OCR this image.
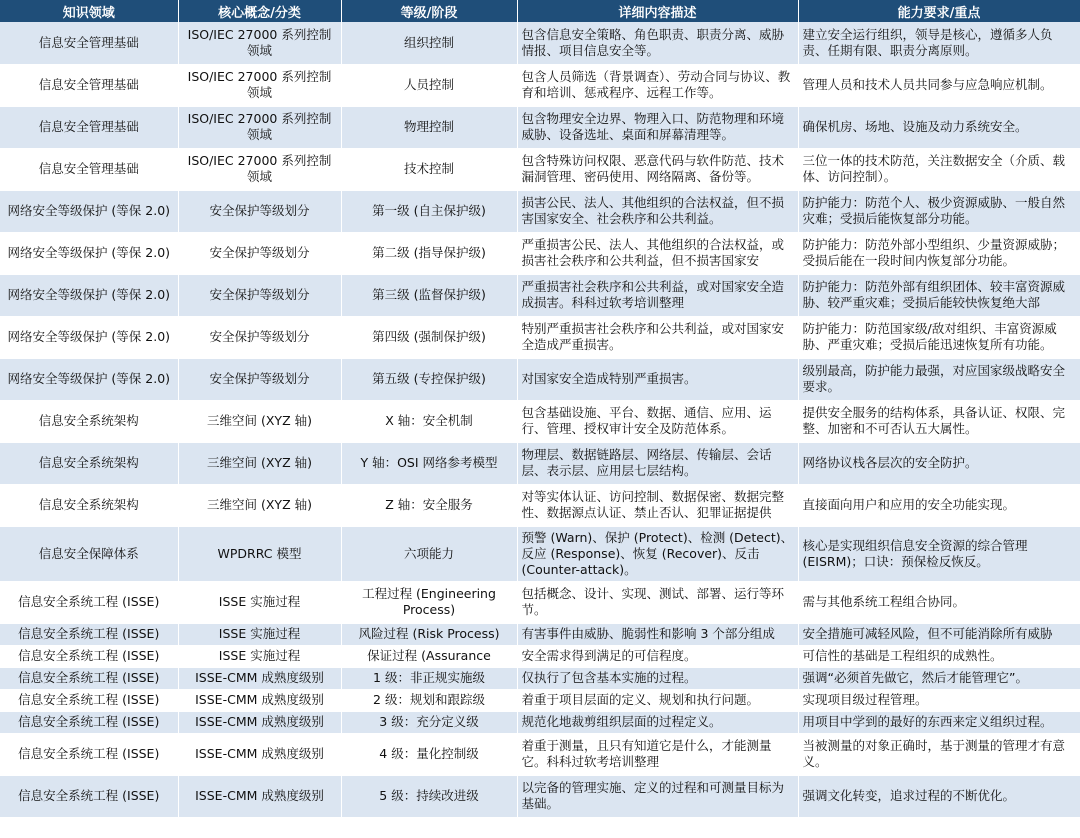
知识领域	核心概念/分类	等级/阶段	详细内容描述	能力要求/重点

信息安全管理基础	ISO/IEC 27000 系列控制领域	组织控制	包含信息安全策略、角色职责、职责分离、威胁情报、项目信息安全等。	建立安全运行组织，领导是核心，遵循多人负责、任期有限、职责分离原则。

信息安全管理基础	ISO/IEC 27000 系列控制领域	人员控制	包含人员筛选（背景调查）、劳动合同与协议、教育和培训、惩戒程序、远程工作等。	管理人员和技术人员共同参与应急响应机制。

信息安全管理基础	ISO/IEC 27000 系列控制领域	物理控制	包含物理安全边界、物理入口、防范物理和环境威胁、设备选址、桌面和屏幕清理等。	确保机房、场地、设施及动力系统安全。

信息安全管理基础	ISO/IEC 27000 系列控制领域	技术控制	包含特殊访问权限、恶意代码与软件防范、技术漏洞管理、密码使用、网络隔离、备份等。	三位一体的技术防范，关注数据安全（介质、载体、访问控制）。

网络安全等级保护 (等保 2.0)	安全保护等级划分	第一级 (自主保护级)	损害公民、法人、其他组织的合法权益，但不损害国家安全、社会秩序和公共利益。	防护能力：防范个人、极少资源威胁、一般自然灾难；受损后能恢复部分功能。

网络安全等级保护 (等保 2.0)	安全保护等级划分	第二级 (指导保护级)	严重损害公民、法人、其他组织的合法权益，或损害社会秩序和公共利益，但不损害国家安	防护能力：防范外部小型组织、少量资源威胁；受损后能在一段时间内恢复部分功能。

网络安全等级保护 (等保 2.0)	安全保护等级划分	第三级 (监督保护级)	严重损害社会秩序和公共利益，或对国家安全造成损害。科科过软考培训整理	防护能力：防范外部有组织团体、较丰富资源威胁、较严重灾难；受损后能较快恢复绝大部

网络安全等级保护 (等保 2.0)	安全保护等级划分	第四级 (强制保护级)	特别严重损害社会秩序和公共利益，或对国家安全造成严重损害。	防护能力：防范国家级/敌对组织、丰富资源威胁、严重灾难；受损后能迅速恢复所有功能。

网络安全等级保护 (等保 2.0)	安全保护等级划分	第五级 (专控保护级)	对国家安全造成特别严重损害。	级别最高，防护能力最强，对应国家级战略安全要求。

信息安全系统架构	三维空间 (XYZ 轴)	X 轴：安全机制	包含基础设施、平台、数据、通信、应用、运行、管理、授权审计安全及防范体系。	提供安全服务的结构体系，具备认证、权限、完整、加密和不可否认五大属性。

信息安全系统架构	三维空间 (XYZ 轴)	Y 轴：OSI 网络参考模型	物理层、数据链路层、网络层、传输层、会话层、表示层、应用层七层结构。	网络协议栈各层次的安全防护。

信息安全系统架构	三维空间 (XYZ 轴)	Z 轴：安全服务	对等实体认证、访问控制、数据保密、数据完整性、数据源点认证、禁止否认、犯罪证据提供	直接面向用户和应用的安全功能实现。

信息安全保障体系	WPDRRC 模型	六项能力	预警 (Warn)、保护 (Protect)、检测 (Detect)、反应 (Response)、恢复 (Recover)、反击 (Counter-attack)。	核心是实现组织信息安全资源的综合管理 (EISRM)；口诀：预保检反恢反。

信息安全系统工程 (ISSE)	ISSE 实施过程	工程过程 (Engineering Process)	包括概念、设计、实现、测试、部署、运行等环节。	需与其他系统工程组合协同。

信息安全系统工程 (ISSE)	ISSE 实施过程	风险过程 (Risk Process)	有害事件由威胁、脆弱性和影响 3 个部分组成	安全措施可减轻风险，但不可能消除所有威胁

信息安全系统工程 (ISSE)	ISSE 实施过程	保证过程 (Assurance	安全需求得到满足的可信程度。	可信性的基础是工程组织的成熟性。

信息安全系统工程 (ISSE)	ISSE-CMM 成熟度级别	1 级：非正规实施级	仅执行了包含基本实施的过程。	强调“必须首先做它，然后才能管理它”。

信息安全系统工程 (ISSE)	ISSE-CMM 成熟度级别	2 级：规划和跟踪级	着重于项目层面的定义、规划和执行问题。	实现项目级过程管理。

信息安全系统工程 (ISSE)	ISSE-CMM 成熟度级别	3 级：充分定义级	规范化地裁剪组织层面的过程定义。	用项目中学到的最好的东西来定义组织过程。

信息安全系统工程 (ISSE)	ISSE-CMM 成熟度级别	4 级：量化控制级	着重于测量，且只有知道它是什么，才能测量它。科科过软考培训整理	当被测量的对象正确时，基于测量的管理才有意义。

信息安全系统工程 (ISSE)	ISSE-CMM 成熟度级别	5 级：持续改进级	以完备的管理实施、定义的过程和可测量目标为基础。	强调文化转变，追求过程的不断优化。
